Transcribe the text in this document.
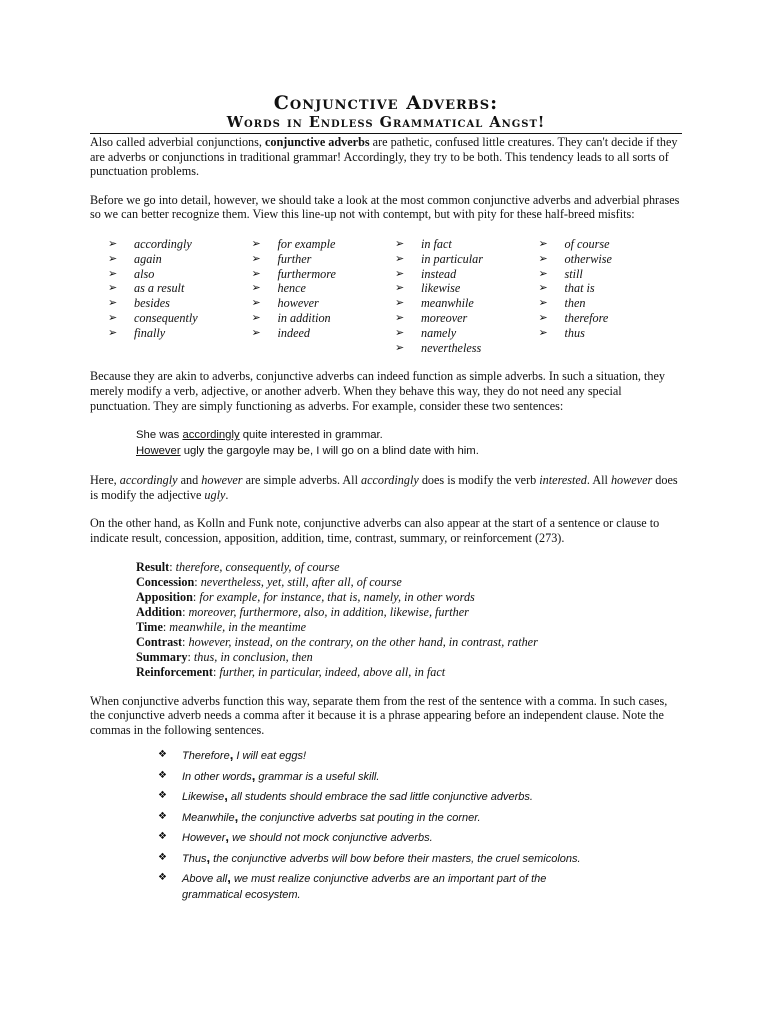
Conjunctive Adverbs:
Words in Endless Grammatical Angst!

Also called adverbial conjunctions, conjunctive adverbs are pathetic, confused little creatures. They can't decide if they are adverbs or conjunctions in traditional grammar! Accordingly, they try to be both. This tendency leads to all sorts of punctuation problems.

Before we go into detail, however, we should take a look at the most common conjunctive adverbs and adverbial phrases so we can better recognize them. View this line-up not with contempt, but with pity for these half-breed misfits:

➢	accordingly
➢	again
➢	also
➢	as a result
➢	besides
➢	consequently
➢	finally
➢	for example
➢	further
➢	furthermore
➢	hence
➢	however
➢	in addition
➢	indeed
➢	in fact
➢	in particular
➢	instead
➢	likewise
➢	meanwhile
➢	moreover
➢	namely
➢	nevertheless
➢	of course
➢	otherwise
➢	still
➢	that is
➢	then
➢	therefore
➢	thus

Because they are akin to adverbs, conjunctive adverbs can indeed function as simple adverbs. In such a situation, they merely modify a verb, adjective, or another adverb. When they behave this way, they do not need any special punctuation. They are simply functioning as adverbs. For example, consider these two sentences:

She was accordingly quite interested in grammar.
However ugly the gargoyle may be, I will go on a blind date with him.

Here, accordingly and however are simple adverbs. All accordingly does is modify the verb interested. All however does is modify the adjective ugly.

On the other hand, as Kolln and Funk note, conjunctive adverbs can also appear at the start of a sentence or clause to indicate result, concession, apposition, addition, time, contrast, summary, or reinforcement (273).

Result: therefore, consequently, of course
Concession: nevertheless, yet, still, after all, of course
Apposition: for example, for instance, that is, namely, in other words
Addition: moreover, furthermore, also, in addition, likewise, further
Time: meanwhile, in the meantime
Contrast: however, instead, on the contrary, on the other hand, in contrast, rather
Summary: thus, in conclusion, then
Reinforcement: further, in particular, indeed, above all, in fact

When conjunctive adverbs function this way, separate them from the rest of the sentence with a comma. In such cases, the conjunctive adverb needs a comma after it because it is a phrase appearing before an independent clause. Note the commas in the following sentences.

❖	Therefore, I will eat eggs!
❖	In other words, grammar is a useful skill.
❖	Likewise, all students should embrace the sad little conjunctive adverbs.
❖	Meanwhile, the conjunctive adverbs sat pouting in the corner.
❖	However, we should not mock conjunctive adverbs.
❖	Thus, the conjunctive adverbs will bow before their masters, the cruel semicolons.
❖	Above all, we must realize conjunctive adverbs are an important part of the grammatical ecosystem.
